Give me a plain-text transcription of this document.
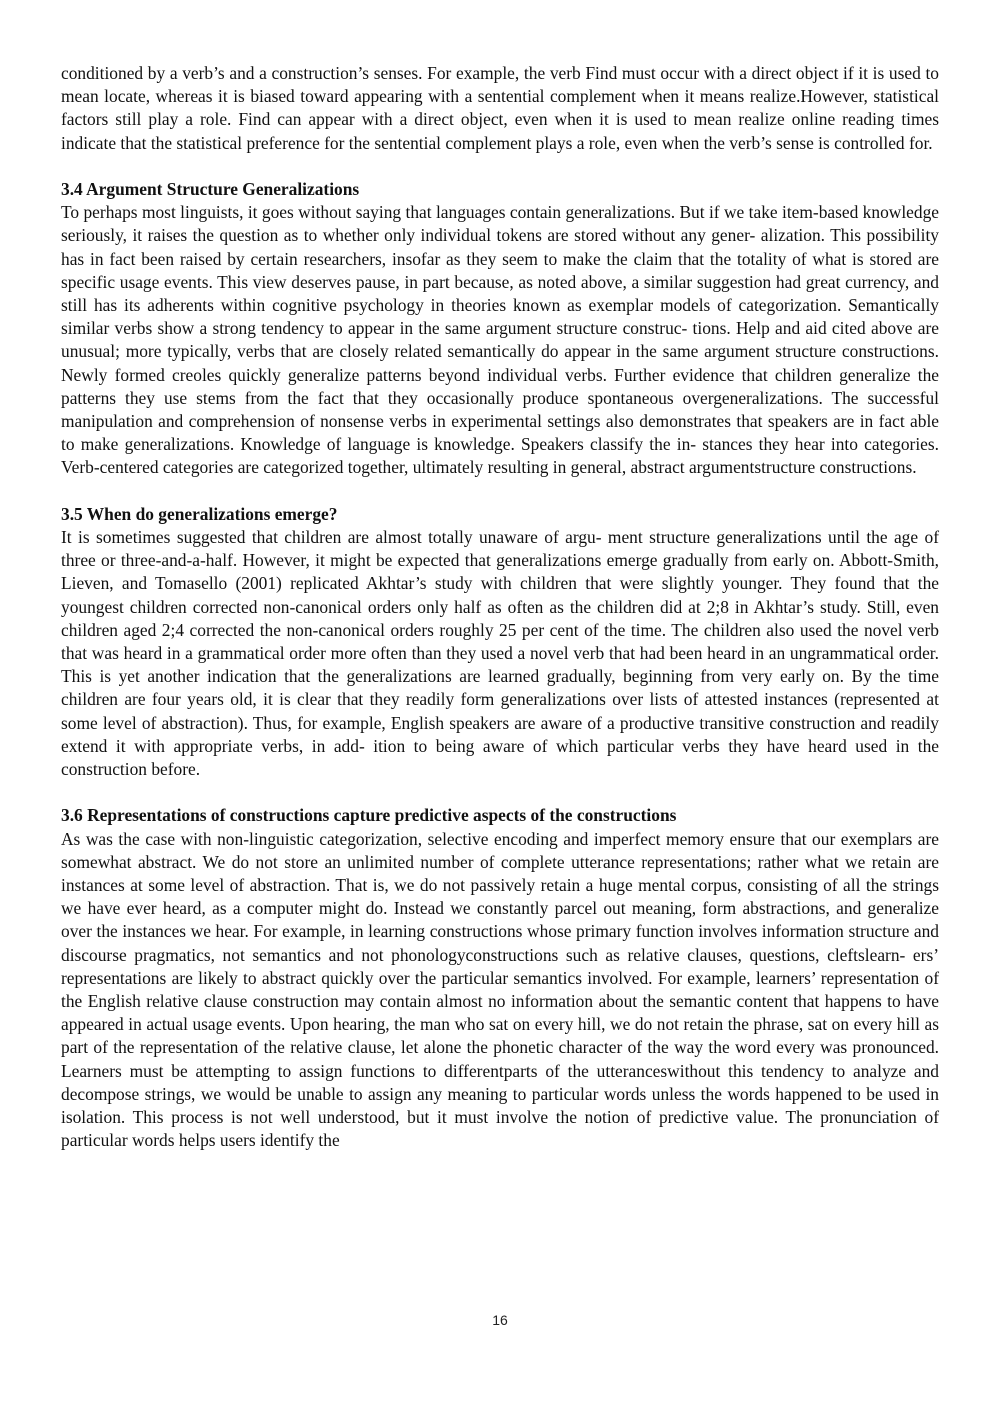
conditioned by a verb’s and a construction’s senses. For example, the verb Find must occur with a direct object if it is used to mean locate, whereas it is biased toward appearing with a sentential complement when it means realize.However, statistical factors still play a role. Find can appear with a direct object, even when it is used to mean realize online reading times indicate that the statistical preference for the sentential complement plays a role, even when the verb’s sense is controlled for.

3.4 Argument Structure Generalizations

To perhaps most linguists, it goes without saying that languages contain generalizations. But if we take item-based knowledge seriously, it raises the question as to whether only individual tokens are stored without any gener- alization. This possibility has in fact been raised by certain researchers, insofar as they seem to make the claim that the totality of what is stored are specific usage events. This view deserves pause, in part because, as noted above, a similar suggestion had great currency, and still has its adherents within cognitive psychology in theories known as exemplar models of categorization. Semantically similar verbs show a strong tendency to appear in the same argument structure construc- tions. Help and aid cited above are unusual; more typically, verbs that are closely related semantically do appear in the same argument structure constructions. Newly formed creoles quickly generalize patterns beyond individual verbs. Further evidence that children generalize the patterns they use stems from the fact that they occasionally produce spontaneous overgeneralizations. The successful manipulation and comprehension of nonsense verbs in experimental settings also demonstrates that speakers are in fact able to make generalizations. Knowledge of language is knowledge. Speakers classify the in- stances they hear into categories. Verb-centered categories are categorized together, ultimately resulting in general, abstract argumentstructure constructions.

3.5 When do generalizations emerge?

It is sometimes suggested that children are almost totally unaware of argu- ment structure generalizations until the age of three or three-and-a-half. However, it might be expected that generalizations emerge gradually from early on. Abbott-Smith, Lieven, and Tomasello (2001) replicated Akhtar’s study with children that were slightly younger. They found that the youngest children corrected non-canonical orders only half as often as the children did at 2;8 in Akhtar’s study. Still, even children aged 2;4 corrected the non-canonical orders roughly 25 per cent of the time. The children also used the novel verb that was heard in a grammatical order more often than they used a novel verb that had been heard in an ungrammatical order. This is yet another indication that the generalizations are learned gradually, beginning from very early on. By the time children are four years old, it is clear that they readily form generalizations over lists of attested instances (represented at some level of abstraction). Thus, for example, English speakers are aware of a productive transitive construction and readily extend it with appropriate verbs, in add- ition to being aware of which particular verbs they have heard used in the construction before.

3.6 Representations of constructions capture predictive aspects of the constructions

As was the case with non-linguistic categorization, selective encoding and imperfect memory ensure that our exemplars are somewhat abstract. We do not store an unlimited number of complete utterance representations; rather what we retain are instances at some level of abstraction. That is, we do not passively retain a huge mental corpus, consisting of all the strings we have ever heard, as a computer might do. Instead we constantly parcel out meaning, form abstractions, and generalize over the instances we hear. For example, in learning constructions whose primary function involves information structure and discourse pragmatics, not semantics and not phonologyconstructions such as relative clauses, questions, cleftslearn- ers’ representations are likely to abstract quickly over the particular semantics involved. For example, learners’ representation of the English relative clause construction may contain almost no information about the semantic content that happens to have appeared in actual usage events. Upon hearing, the man who sat on every hill, we do not retain the phrase, sat on every hill as part of the representation of the relative clause, let alone the phonetic character of the way the word every was pronounced. Learners must be attempting to assign functions to differentparts of the utteranceswithout this tendency to analyze and decompose strings, we would be unable to assign any meaning to particular words unless the words happened to be used in isolation. This process is not well understood, but it must involve the notion of predictive value. The pronunciation of particular words helps users identify the

16
